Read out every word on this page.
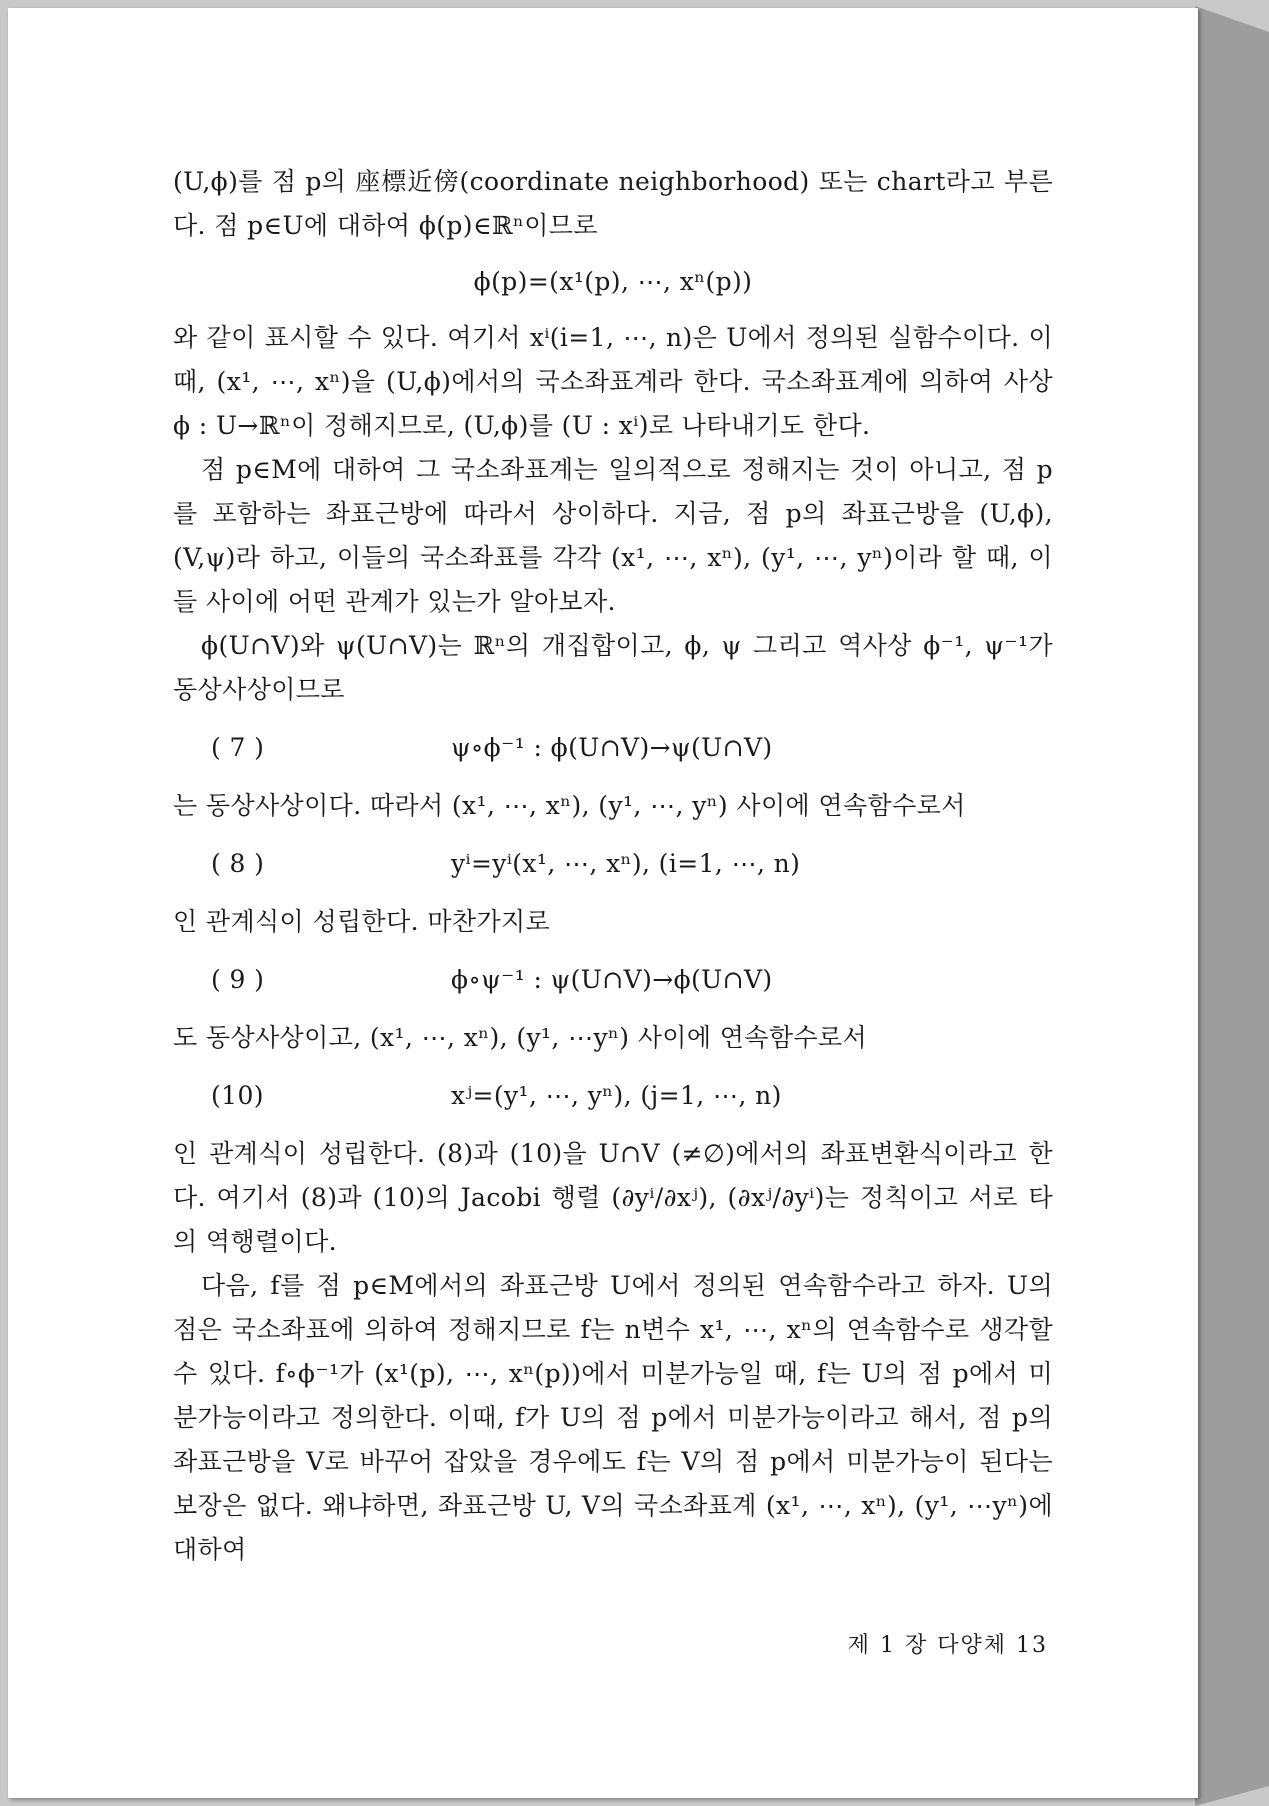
(U,ϕ)를 점 p의 座標近傍(coordinate neighborhood) 또는 chart라고 부른다. 점 p∈U에 대하여 ϕ(p)∈ℝⁿ이므로

ϕ(p)=(x¹(p), ⋯, xⁿ(p))

와 같이 표시할 수 있다. 여기서 xⁱ(i=1, ⋯, n)은 U에서 정의된 실함수이다. 이때, (x¹, ⋯, xⁿ)을 (U,ϕ)에서의 국소좌표계라 한다. 국소좌표계에 의하여 사상 ϕ : U→ℝⁿ이 정해지므로, (U,ϕ)를 (U : xⁱ)로 나타내기도 한다.

점 p∈M에 대하여 그 국소좌표계는 일의적으로 정해지는 것이 아니고, 점 p를 포함하는 좌표근방에 따라서 상이하다. 지금, 점 p의 좌표근방을 (U,ϕ), (V,ψ)라 하고, 이들의 국소좌표를 각각 (x¹, ⋯, xⁿ), (y¹, ⋯, yⁿ)이라 할 때, 이들 사이에 어떤 관계가 있는가 알아보자.

ϕ(U∩V)와 ψ(U∩V)는 ℝⁿ의 개집합이고, ϕ, ψ 그리고 역사상 ϕ⁻¹, ψ⁻¹가 동상사상이므로

( 7 )	ψ∘ϕ⁻¹ : ϕ(U∩V)→ψ(U∩V)

는 동상사상이다. 따라서 (x¹, ⋯, xⁿ), (y¹, ⋯, yⁿ) 사이에 연속함수로서

( 8 )	yⁱ=yⁱ(x¹, ⋯, xⁿ), (i=1, ⋯, n)

인 관계식이 성립한다. 마찬가지로

( 9 )	ϕ∘ψ⁻¹ : ψ(U∩V)→ϕ(U∩V)

도 동상사상이고, (x¹, ⋯, xⁿ), (y¹, ⋯yⁿ) 사이에 연속함수로서

(10)	xʲ=(y¹, ⋯, yⁿ), (j=1, ⋯, n)

인 관계식이 성립한다. (8)과 (10)을 U∩V (≠∅)에서의 좌표변환식이라고 한다. 여기서 (8)과 (10)의 Jacobi 행렬 (∂yⁱ/∂xʲ), (∂xʲ/∂yⁱ)는 정칙이고 서로 타의 역행렬이다.

다음, f를 점 p∈M에서의 좌표근방 U에서 정의된 연속함수라고 하자. U의 점은 국소좌표에 의하여 정해지므로 f는 n변수 x¹, ⋯, xⁿ의 연속함수로 생각할 수 있다. f∘ϕ⁻¹가 (x¹(p), ⋯, xⁿ(p))에서 미분가능일 때, f는 U의 점 p에서 미분가능이라고 정의한다. 이때, f가 U의 점 p에서 미분가능이라고 해서, 점 p의 좌표근방을 V로 바꾸어 잡았을 경우에도 f는 V의 점 p에서 미분가능이 된다는 보장은 없다. 왜냐하면, 좌표근방 U, V의 국소좌표계 (x¹, ⋯, xⁿ), (y¹, ⋯yⁿ)에 대하여

제 1 장 다양체 13
